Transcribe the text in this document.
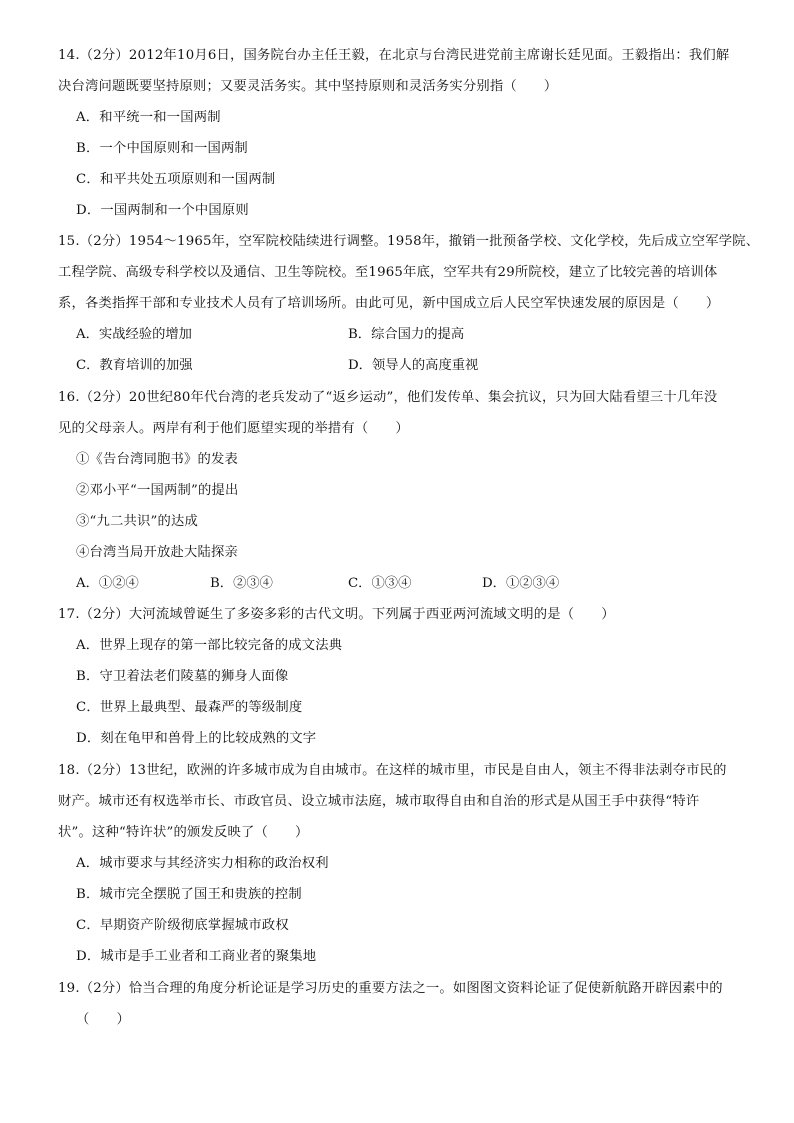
14.（2分）2012年10月6日，国务院台办主任王毅，在北京与台湾民进党前主席谢长廷见面。王毅指出：我们解
决台湾问题既要坚持原则；又要灵活务实。其中坚持原则和灵活务实分别指（　　）
A．和平统一和一国两制
B．一个中国原则和一国两制
C．和平共处五项原则和一国两制
D．一国两制和一个中国原则
15.（2分）1954～1965年，空军院校陆续进行调整。1958年，撤销一批预备学校、文化学校，先后成立空军学院、
工程学院、高级专科学校以及通信、卫生等院校。至1965年底，空军共有29所院校，建立了比较完善的培训体
系，各类指挥干部和专业技术人员有了培训场所。由此可见，新中国成立后人民空军快速发展的原因是（　　）
A．实战经验的增加	B．综合国力的提高
C．教育培训的加强	D．领导人的高度重视
16.（2分）20世纪80年代台湾的老兵发动了“返乡运动”，他们发传单、集会抗议，只为回大陆看望三十几年没
见的父母亲人。两岸有利于他们愿望实现的举措有（　　）
①《告台湾同胞书》的发表
②邓小平“一国两制”的提出
③“九二共识”的达成
④台湾当局开放赴大陆探亲
A．①②④	B．②③④	C．①③④	D．①②③④
17.（2分）大河流域曾诞生了多姿多彩的古代文明。下列属于西亚两河流域文明的是（　　）
A．世界上现存的第一部比较完备的成文法典
B．守卫着法老们陵墓的狮身人面像
C．世界上最典型、最森严的等级制度
D．刻在龟甲和兽骨上的比较成熟的文字
18.（2分）13世纪，欧洲的许多城市成为自由城市。在这样的城市里，市民是自由人，领主不得非法剥夺市民的
财产。城市还有权选举市长、市政官员、设立城市法庭，城市取得自由和自治的形式是从国王手中获得“特许
状”。这种“特许状”的颁发反映了（　　）
A．城市要求与其经济实力相称的政治权利
B．城市完全摆脱了国王和贵族的控制
C．早期资产阶级彻底掌握城市政权
D．城市是手工业者和工商业者的聚集地
19.（2分）恰当合理的角度分析论证是学习历史的重要方法之一。如图图文资料论证了促使新航路开辟因素中的
（　　）
